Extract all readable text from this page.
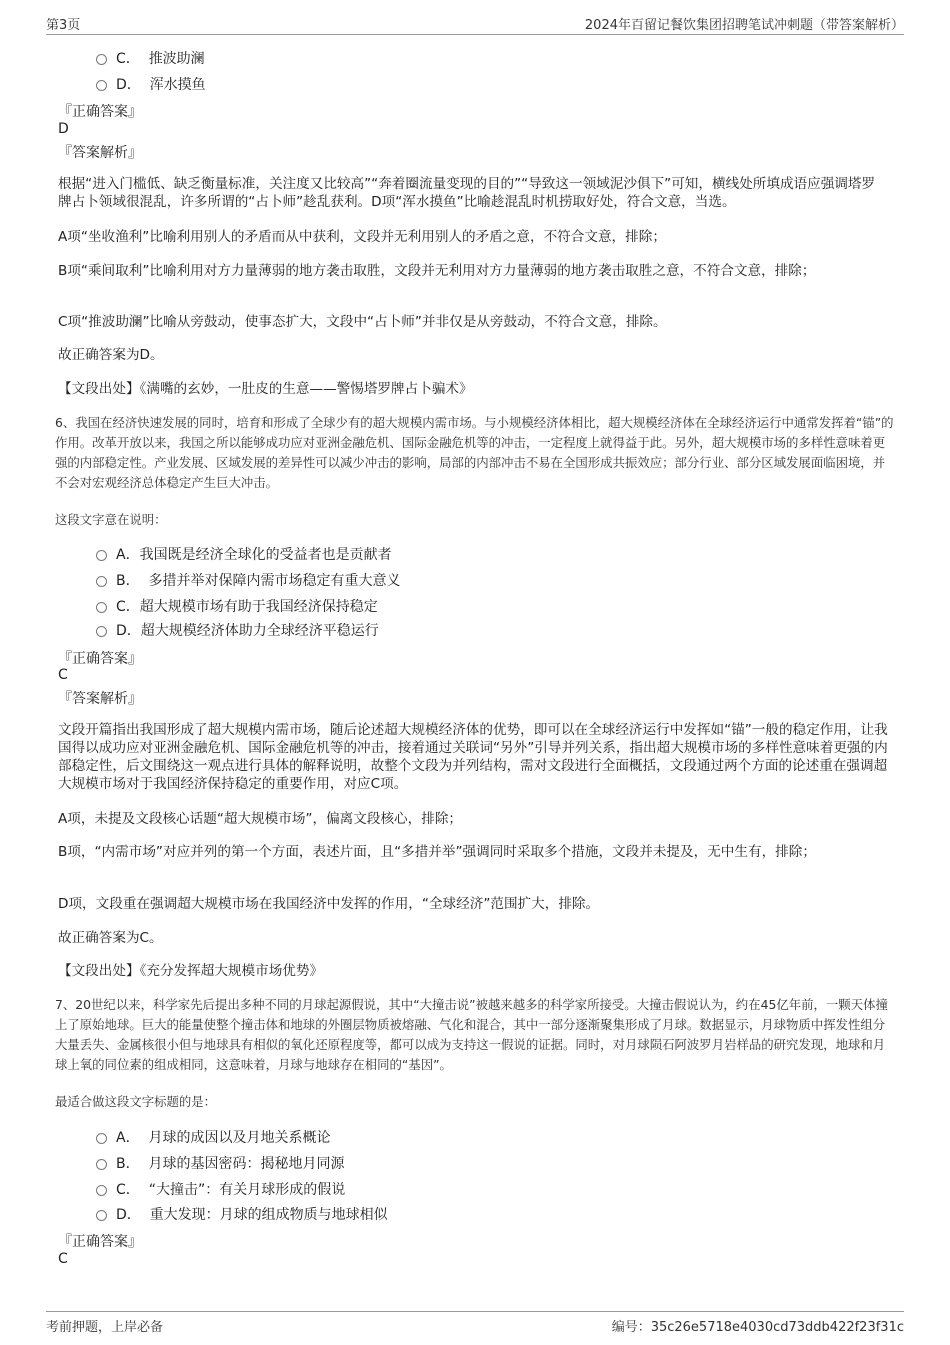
第3页	2024年百留记餐饮集团招聘笔试冲刺题（带答案解析）
C． 推波助澜
D． 浑水摸鱼
『正确答案』
D
『答案解析』
根据“进入门槛低、缺乏衡量标准，关注度又比较高”“奔着圈流量变现的目的”“导致这一领域泥沙俱下”可知，横线处所填成语应强调塔罗牌占卜领域很混乱，许多所谓的“占卜师”趁乱获利。D项“浑水摸鱼”比喻趁混乱时机捞取好处，符合文意，当选。
A项“坐收渔利”比喻利用别人的矛盾而从中获利，文段并无利用别人的矛盾之意，不符合文意，排除；
B项“乘间取利”比喻利用对方力量薄弱的地方袭击取胜，文段并无利用对方力量薄弱的地方袭击取胜之意，不符合文意，排除；
C项“推波助澜”比喻从旁鼓动，使事态扩大，文段中“占卜师”并非仅是从旁鼓动，不符合文意，排除。
故正确答案为D。
【文段出处】《满嘴的玄妙，一肚皮的生意——警惕塔罗牌占卜骗术》
6、我国在经济快速发展的同时，培育和形成了全球少有的超大规模内需市场。与小规模经济体相比，超大规模经济体在全球经济运行中通常发挥着“锚”的作用。改革开放以来，我国之所以能够成功应对亚洲金融危机、国际金融危机等的冲击，一定程度上就得益于此。另外，超大规模市场的多样性意味着更强的内部稳定性。产业发展、区域发展的差异性可以减少冲击的影响，局部的内部冲击不易在全国形成共振效应；部分行业、部分区域发展面临困境，并不会对宏观经济总体稳定产生巨大冲击。
这段文字意在说明：
A．我国既是经济全球化的受益者也是贡献者
B． 多措并举对保障内需市场稳定有重大意义
C．超大规模市场有助于我国经济保持稳定
D．超大规模经济体助力全球经济平稳运行
『正确答案』
C
『答案解析』
文段开篇指出我国形成了超大规模内需市场，随后论述超大规模经济体的优势，即可以在全球经济运行中发挥如“锚”一般的稳定作用，让我国得以成功应对亚洲金融危机、国际金融危机等的冲击，接着通过关联词“另外”引导并列关系，指出超大规模市场的多样性意味着更强的内部稳定性，后文围绕这一观点进行具体的解释说明，故整个文段为并列结构，需对文段进行全面概括，文段通过两个方面的论述重在强调超大规模市场对于我国经济保持稳定的重要作用，对应C项。
A项，未提及文段核心话题“超大规模市场”，偏离文段核心，排除；
B项，“内需市场”对应并列的第一个方面，表述片面，且“多措并举”强调同时采取多个措施，文段并未提及，无中生有，排除；
D项，文段重在强调超大规模市场在我国经济中发挥的作用，“全球经济”范围扩大，排除。
故正确答案为C。
【文段出处】《充分发挥超大规模市场优势》
7、20世纪以来，科学家先后提出多种不同的月球起源假说，其中“大撞击说”被越来越多的科学家所接受。大撞击假说认为，约在45亿年前，一颗天体撞上了原始地球。巨大的能量使整个撞击体和地球的外圈层物质被熔融、气化和混合，其中一部分逐渐聚集形成了月球。数据显示，月球物质中挥发性组分大量丢失、金属核很小但与地球具有相似的氧化还原程度等，都可以成为支持这一假说的证据。同时，对月球陨石阿波罗月岩样品的研究发现，地球和月球上氧的同位素的组成相同，这意味着，月球与地球存在相同的“基因”。
最适合做这段文字标题的是：
A． 月球的成因以及月地关系概论
B． 月球的基因密码：揭秘地月同源
C． “大撞击”：有关月球形成的假说
D． 重大发现：月球的组成物质与地球相似
『正确答案』
C
考前押题，上岸必备	编号：35c26e5718e4030cd73ddb422f23f31c
